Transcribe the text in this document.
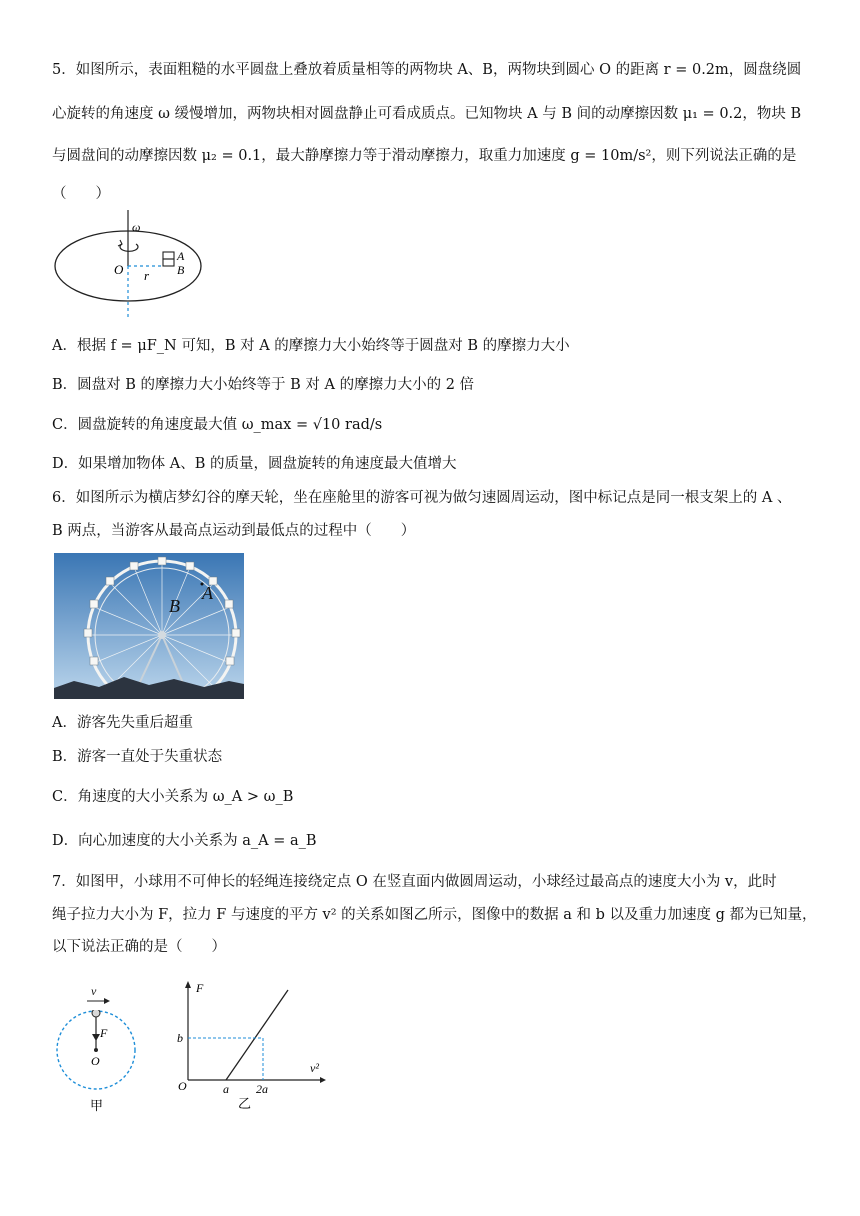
5．如图所示，表面粗糙的水平圆盘上叠放着质量相等的两物块 A、B，两物块到圆心 O 的距离 r = 0.2m，圆盘绕圆
心旋转的角速度 ω 缓慢增加，两物块相对圆盘静止可看成质点。已知物块 A 与 B 间的动摩擦因数 μ₁ = 0.2，物块 B
与圆盘间的动摩擦因数 μ₂ = 0.1，最大静摩擦力等于滑动摩擦力，取重力加速度 g = 10m/s²，则下列说法正确的是
（　　）
ω
O r
A
B
A．根据 f = μF_N 可知，B 对 A 的摩擦力大小始终等于圆盘对 B 的摩擦力大小
B．圆盘对 B 的摩擦力大小始终等于 B 对 A 的摩擦力大小的 2 倍
C．圆盘旋转的角速度最大值 ω_max = √10 rad/s
D．如果增加物体 A、B 的质量，圆盘旋转的角速度最大值增大
6．如图所示为横店梦幻谷的摩天轮，坐在座舱里的游客可视为做匀速圆周运动，图中标记点是同一根支架上的 A 、
B 两点，当游客从最高点运动到最低点的过程中（　　）
B
A
A．游客先失重后超重
B．游客一直处于失重状态
C．角速度的大小关系为 ω_A > ω_B
D．向心加速度的大小关系为 a_A = a_B
7．如图甲，小球用不可伸长的轻绳连接绕定点 O 在竖直面内做圆周运动，小球经过最高点的速度大小为 v，此时
绳子拉力大小为 F，拉力 F 与速度的平方 v² 的关系如图乙所示，图像中的数据 a 和 b 以及重力加速度 g 都为已知量，
以下说法正确的是（　　）
F
O
甲
v	F
b
O	a 2a
v²
乙
